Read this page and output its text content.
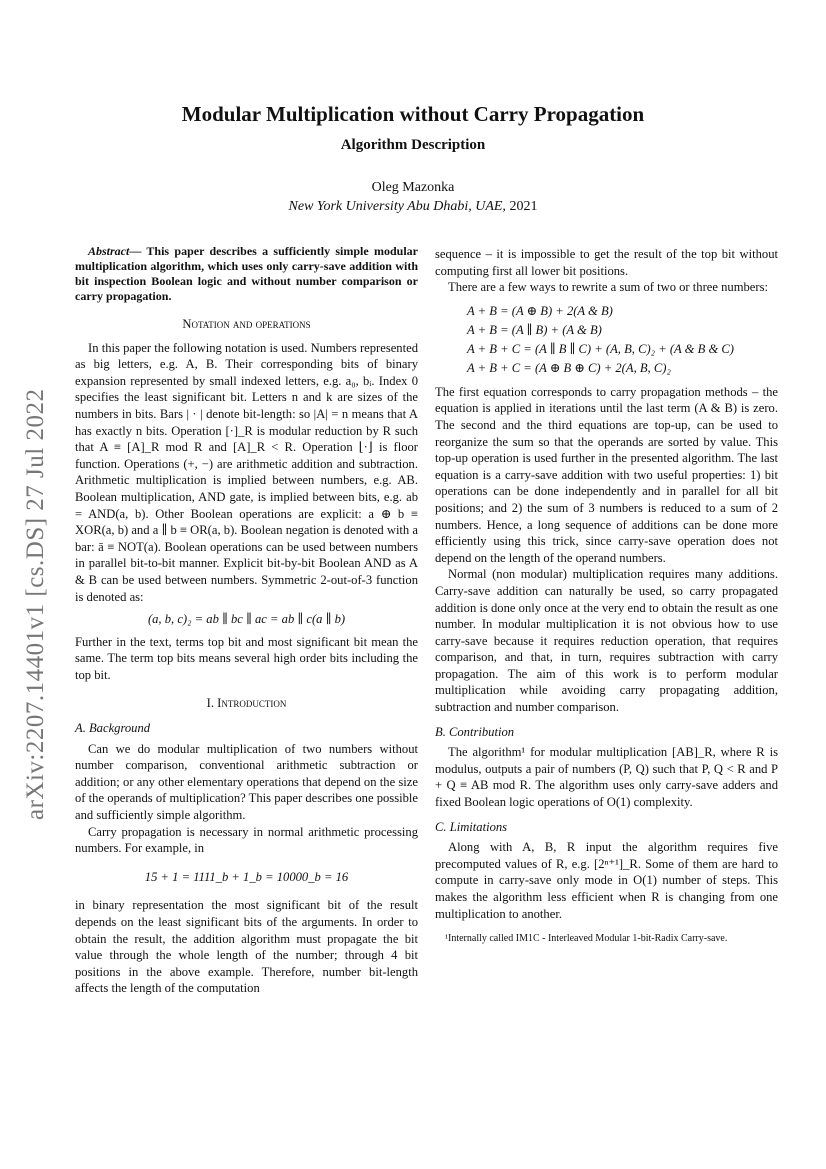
Modular Multiplication without Carry Propagation
Algorithm Description
Oleg Mazonka
New York University Abu Dhabi, UAE, 2021
arXiv:2207.14401v1 [cs.DS] 27 Jul 2022

Abstract— This paper describes a sufficiently simple modular multiplication algorithm, which uses only carry-save addition with bit inspection Boolean logic and without number comparison or carry propagation.

Notation and operations

In this paper the following notation is used. Numbers represented as big letters, e.g. A, B. Their corresponding bits of binary expansion represented by small indexed letters, e.g. a₀, bᵢ. Index 0 specifies the least significant bit. Letters n and k are sizes of the numbers in bits. Bars | · | denote bit-length: so |A| = n means that A has exactly n bits. Operation [·]_R is modular reduction by R such that A ≡ [A]_R mod R and [A]_R < R. Operation ⌊·⌋ is floor function. Operations (+, −) are arithmetic addition and subtraction. Arithmetic multiplication is implied between numbers, e.g. AB. Boolean multiplication, AND gate, is implied between bits, e.g. ab = AND(a, b). Other Boolean operations are explicit: a ⊕ b ≡ XOR(a, b) and a ∥ b ≡ OR(a, b). Boolean negation is denoted with a bar: ā ≡ NOT(a). Boolean operations can be used between numbers in parallel bit-to-bit manner. Explicit bit-by-bit Boolean AND as A & B can be used between numbers. Symmetric 2-out-of-3 function is denoted as:

(a, b, c)₂ = ab ∥ bc ∥ ac = ab ∥ c(a ∥ b)

Further in the text, terms top bit and most significant bit mean the same. The term top bits means several high order bits including the top bit.

I. Introduction
A. Background

Can we do modular multiplication of two numbers without number comparison, conventional arithmetic subtraction or addition; or any other elementary operations that depend on the size of the operands of multiplication? This paper describes one possible and sufficiently simple algorithm.

Carry propagation is necessary in normal arithmetic processing numbers. For example, in

15 + 1 = 1111_b + 1_b = 10000_b = 16

in binary representation the most significant bit of the result depends on the least significant bits of the arguments. In order to obtain the result, the addition algorithm must propagate the bit value through the whole length of the number; through 4 bit positions in the above example. Therefore, number bit-length affects the length of the computation

sequence – it is impossible to get the result of the top bit without computing first all lower bit positions.

There are a few ways to rewrite a sum of two or three numbers:

A + B = (A ⊕ B) + 2(A & B)
A + B = (A ∥ B) + (A & B)
A + B + C = (A ∥ B ∥ C) + (A, B, C)₂ + (A & B & C)
A + B + C = (A ⊕ B ⊕ C) + 2(A, B, C)₂

The first equation corresponds to carry propagation methods – the equation is applied in iterations until the last term (A & B) is zero. The second and the third equations are top-up, can be used to reorganize the sum so that the operands are sorted by value. This top-up operation is used further in the presented algorithm. The last equation is a carry-save addition with two useful properties: 1) bit operations can be done independently and in parallel for all bit positions; and 2) the sum of 3 numbers is reduced to a sum of 2 numbers. Hence, a long sequence of additions can be done more efficiently using this trick, since carry-save operation does not depend on the length of the operand numbers.

Normal (non modular) multiplication requires many additions. Carry-save addition can naturally be used, so carry propagated addition is done only once at the very end to obtain the result as one number. In modular multiplication it is not obvious how to use carry-save because it requires reduction operation, that requires comparison, and that, in turn, requires subtraction with carry propagation. The aim of this work is to perform modular multiplication while avoiding carry propagating addition, subtraction and number comparison.

B. Contribution

The algorithm¹ for modular multiplication [AB]_R, where R is modulus, outputs a pair of numbers (P, Q) such that P, Q < R and P + Q ≡ AB mod R. The algorithm uses only carry-save adders and fixed Boolean logic operations of O(1) complexity.

C. Limitations

Along with A, B, R input the algorithm requires five precomputed values of R, e.g. [2ⁿ⁺¹]_R. Some of them are hard to compute in carry-save only mode in O(1) number of steps. This makes the algorithm less efficient when R is changing from one multiplication to another.

¹Internally called IM1C - Interleaved Modular 1-bit-Radix Carry-save.
